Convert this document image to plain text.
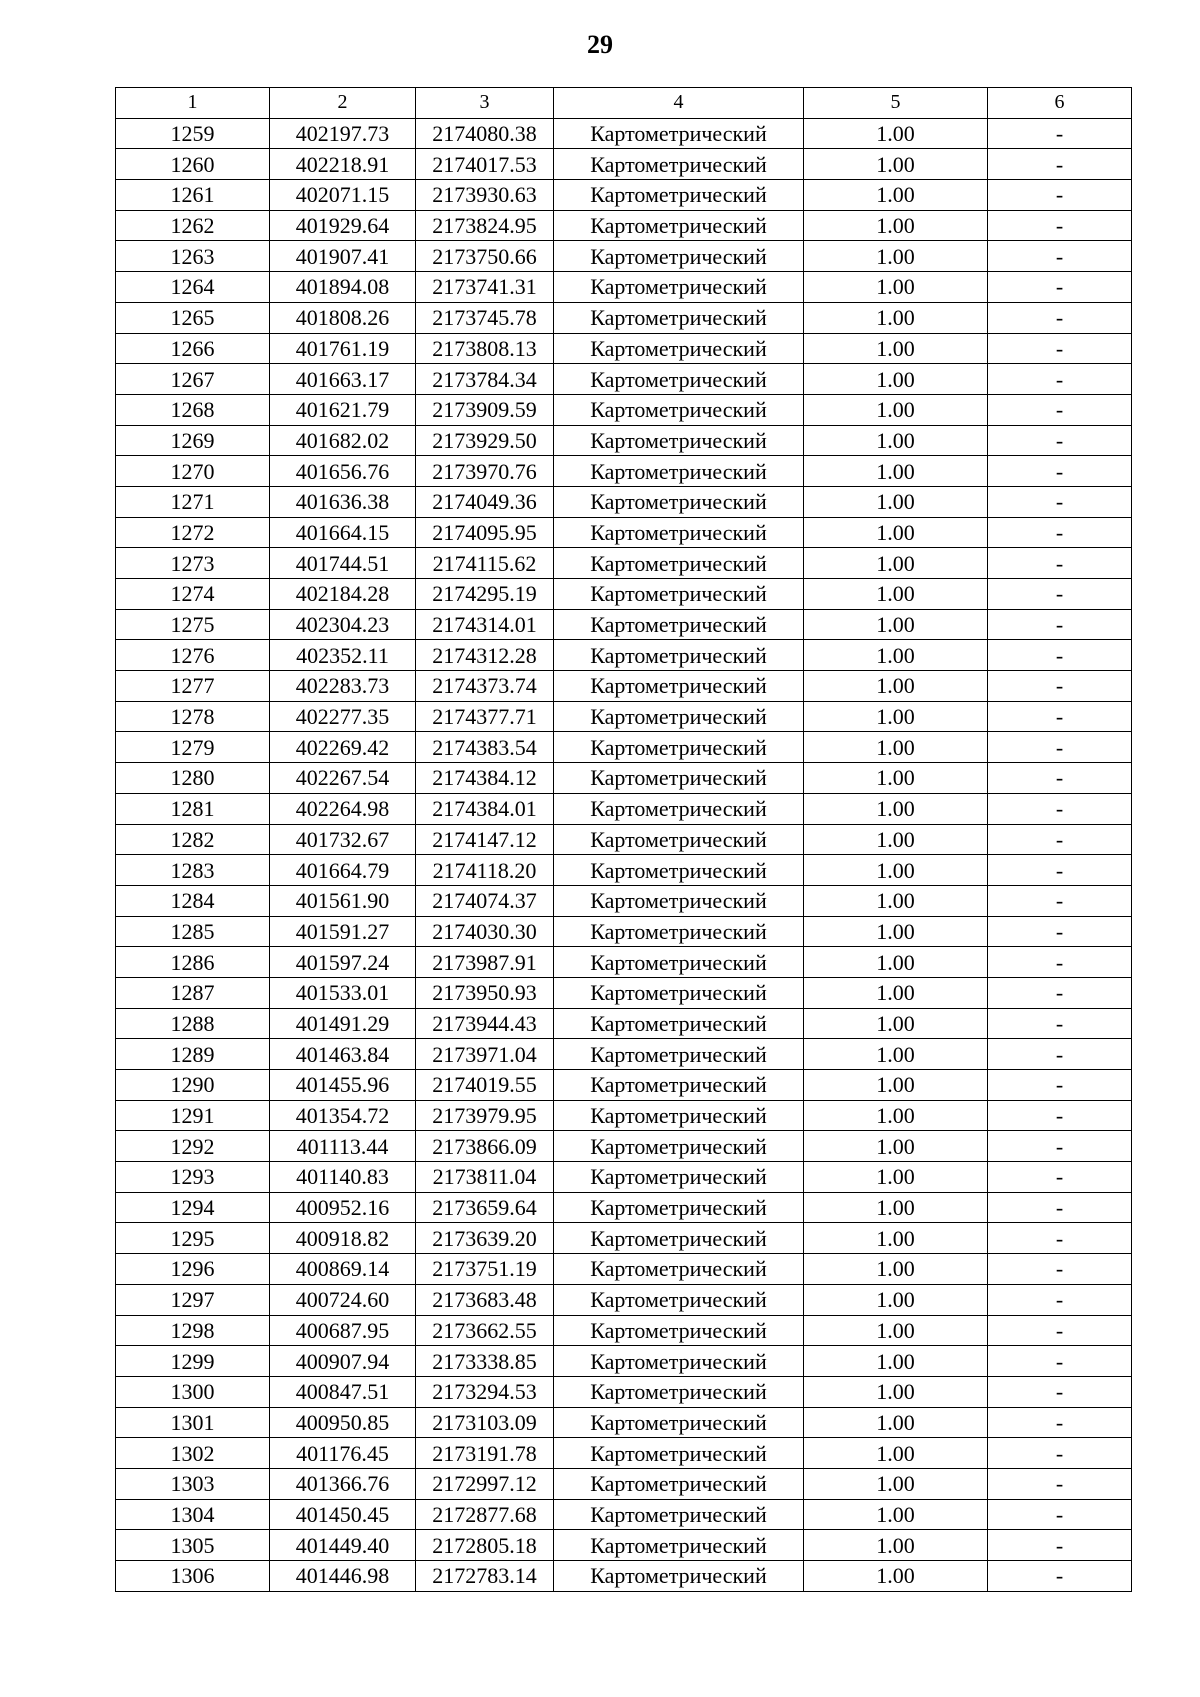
29
1	2	3	4	5	6
1259	402197.73	2174080.38	Картометрический	1.00	-
1260	402218.91	2174017.53	Картометрический	1.00	-
1261	402071.15	2173930.63	Картометрический	1.00	-
1262	401929.64	2173824.95	Картометрический	1.00	-
1263	401907.41	2173750.66	Картометрический	1.00	-
1264	401894.08	2173741.31	Картометрический	1.00	-
1265	401808.26	2173745.78	Картометрический	1.00	-
1266	401761.19	2173808.13	Картометрический	1.00	-
1267	401663.17	2173784.34	Картометрический	1.00	-
1268	401621.79	2173909.59	Картометрический	1.00	-
1269	401682.02	2173929.50	Картометрический	1.00	-
1270	401656.76	2173970.76	Картометрический	1.00	-
1271	401636.38	2174049.36	Картометрический	1.00	-
1272	401664.15	2174095.95	Картометрический	1.00	-
1273	401744.51	2174115.62	Картометрический	1.00	-
1274	402184.28	2174295.19	Картометрический	1.00	-
1275	402304.23	2174314.01	Картометрический	1.00	-
1276	402352.11	2174312.28	Картометрический	1.00	-
1277	402283.73	2174373.74	Картометрический	1.00	-
1278	402277.35	2174377.71	Картометрический	1.00	-
1279	402269.42	2174383.54	Картометрический	1.00	-
1280	402267.54	2174384.12	Картометрический	1.00	-
1281	402264.98	2174384.01	Картометрический	1.00	-
1282	401732.67	2174147.12	Картометрический	1.00	-
1283	401664.79	2174118.20	Картометрический	1.00	-
1284	401561.90	2174074.37	Картометрический	1.00	-
1285	401591.27	2174030.30	Картометрический	1.00	-
1286	401597.24	2173987.91	Картометрический	1.00	-
1287	401533.01	2173950.93	Картометрический	1.00	-
1288	401491.29	2173944.43	Картометрический	1.00	-
1289	401463.84	2173971.04	Картометрический	1.00	-
1290	401455.96	2174019.55	Картометрический	1.00	-
1291	401354.72	2173979.95	Картометрический	1.00	-
1292	401113.44	2173866.09	Картометрический	1.00	-
1293	401140.83	2173811.04	Картометрический	1.00	-
1294	400952.16	2173659.64	Картометрический	1.00	-
1295	400918.82	2173639.20	Картометрический	1.00	-
1296	400869.14	2173751.19	Картометрический	1.00	-
1297	400724.60	2173683.48	Картометрический	1.00	-
1298	400687.95	2173662.55	Картометрический	1.00	-
1299	400907.94	2173338.85	Картометрический	1.00	-
1300	400847.51	2173294.53	Картометрический	1.00	-
1301	400950.85	2173103.09	Картометрический	1.00	-
1302	401176.45	2173191.78	Картометрический	1.00	-
1303	401366.76	2172997.12	Картометрический	1.00	-
1304	401450.45	2172877.68	Картометрический	1.00	-
1305	401449.40	2172805.18	Картометрический	1.00	-
1306	401446.98	2172783.14	Картометрический	1.00	-
